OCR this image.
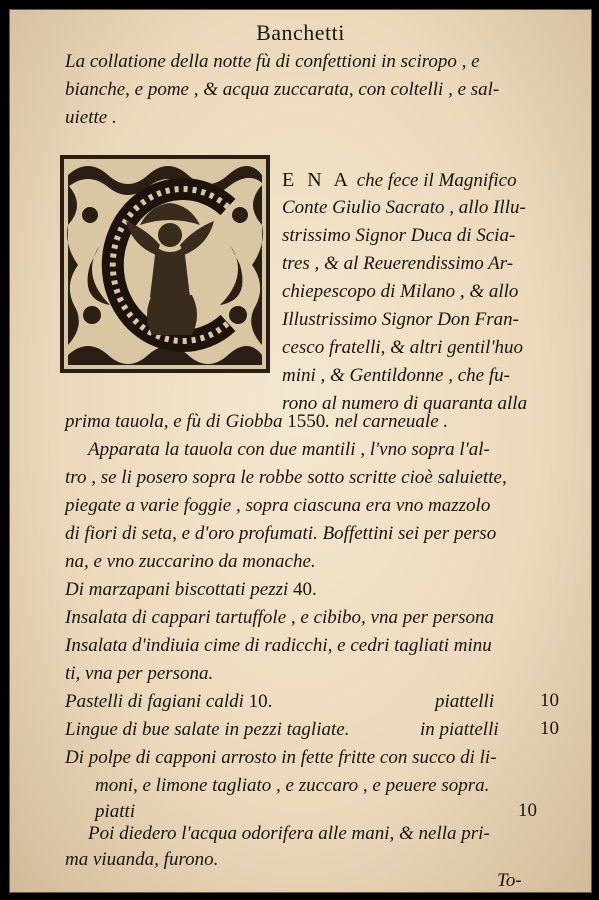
Banchetti
La collatione della notte fù di confettioni in sciropo , e
bianche, e pome , & acqua zuccarata, con coltelli , e sal-
uiette .
E N A che fece il Magnifico
Conte Giulio Sacrato , allo Illu-
strissimo Signor Duca di Scia-
tres , & al Reuerendissimo Ar-
chiepescopo di Milano , & allo
Illustrissimo Signor Don Fran-
cesco fratelli, & altri gentil'huo
mini , & Gentildonne , che fu-
rono al numero di quaranta alla
prima tauola, e fù di Giobba 1550. nel carneuale .
Apparata la tauola con due mantili , l'vno sopra l'al-
tro , se li posero sopra le robbe sotto scritte cioè saluiette,
piegate a varie foggie , sopra ciascuna era vno mazzolo
di fiori di seta, e d'oro profumati. Boffettini sei per perso
na, e vno zuccarino da monache.
Di marzapani biscottati pezzi 40.
Insalata di cappari tartuffole , e cibibo, vna per persona
Insalata d'indiuia cime di radicchi, e cedri tagliati minu
ti, vna per persona.
Pastelli di fagiani caldi 10.	piattelli 10
Lingue di bue salate in pezzi tagliate.	in piattelli 10
Di polpe di capponi arrosto in fette fritte con succo di li-
moni, e limone tagliato , e zuccaro , e peuere sopra.
piatti	10
Poi diedero l'acqua odorifera alle mani, & nella pri-
ma viuanda, furono.
To-
